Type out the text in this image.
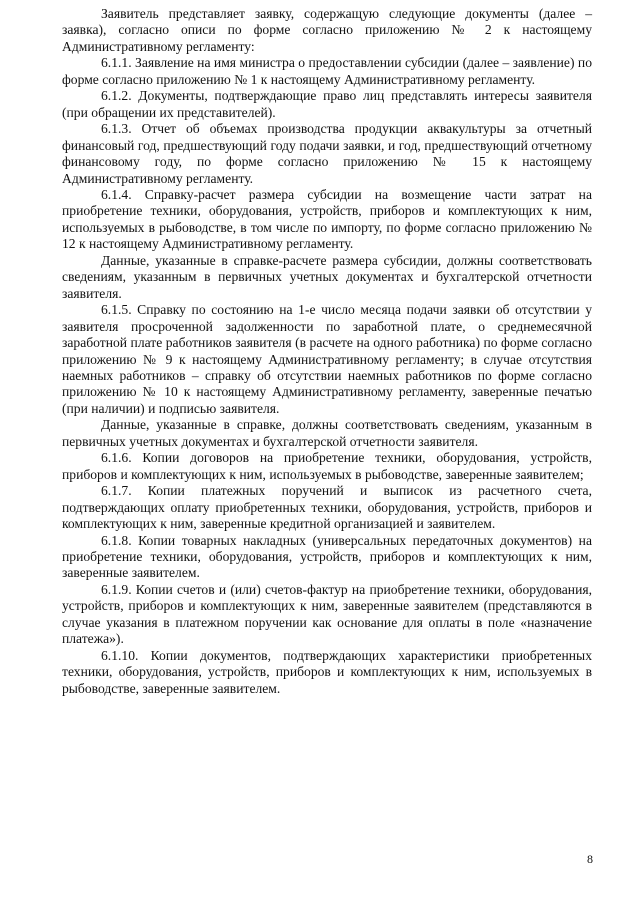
Заявитель представляет заявку, содержащую следующие документы (далее – заявка), согласно описи по форме согласно приложению № 2 к настоящему Административному регламенту:

6.1.1. Заявление на имя министра о предоставлении субсидии (далее – заявление) по форме согласно приложению № 1 к настоящему Административному регламенту.

6.1.2. Документы, подтверждающие право лиц представлять интересы заявителя (при обращении их представителей).

6.1.3. Отчет об объемах производства продукции аквакультуры за отчетный финансовый год, предшествующий году подачи заявки, и год, предшествующий отчетному финансовому году, по форме согласно приложению № 15 к настоящему Административному регламенту.

6.1.4. Справку-расчет размера субсидии на возмещение части затрат на приобретение техники, оборудования, устройств, приборов и комплектующих к ним, используемых в рыбоводстве, в том числе по импорту, по форме согласно приложению № 12 к настоящему Административному регламенту.

Данные, указанные в справке-расчете размера субсидии, должны соответствовать сведениям, указанным в первичных учетных документах и бухгалтерской отчетности заявителя.

6.1.5. Справку по состоянию на 1-е число месяца подачи заявки об отсутствии у заявителя просроченной задолженности по заработной плате, о среднемесячной заработной плате работников заявителя (в расчете на одного работника) по форме согласно приложению № 9 к настоящему Административному регламенту; в случае отсутствия наемных работников – справку об отсутствии наемных работников по форме согласно приложению № 10 к настоящему Административному регламенту, заверенные печатью (при наличии) и подписью заявителя.

Данные, указанные в справке, должны соответствовать сведениям, указанным в первичных учетных документах и бухгалтерской отчетности заявителя.

6.1.6. Копии договоров на приобретение техники, оборудования, устройств, приборов и комплектующих к ним, используемых в рыбоводстве, заверенные заявителем;

6.1.7. Копии платежных поручений и выписок из расчетного счета, подтверждающих оплату приобретенных техники, оборудования, устройств, приборов и комплектующих к ним, заверенные кредитной организацией и заявителем.

6.1.8. Копии товарных накладных (универсальных передаточных документов) на приобретение техники, оборудования, устройств, приборов и комплектующих к ним, заверенные заявителем.

6.1.9. Копии счетов и (или) счетов-фактур на приобретение техники, оборудования, устройств, приборов и комплектующих к ним, заверенные заявителем (представляются в случае указания в платежном поручении как основание для оплаты в поле «назначение платежа»).

6.1.10. Копии документов, подтверждающих характеристики приобретенных техники, оборудования, устройств, приборов и комплектующих к ним, используемых в рыбоводстве, заверенные заявителем.

8
